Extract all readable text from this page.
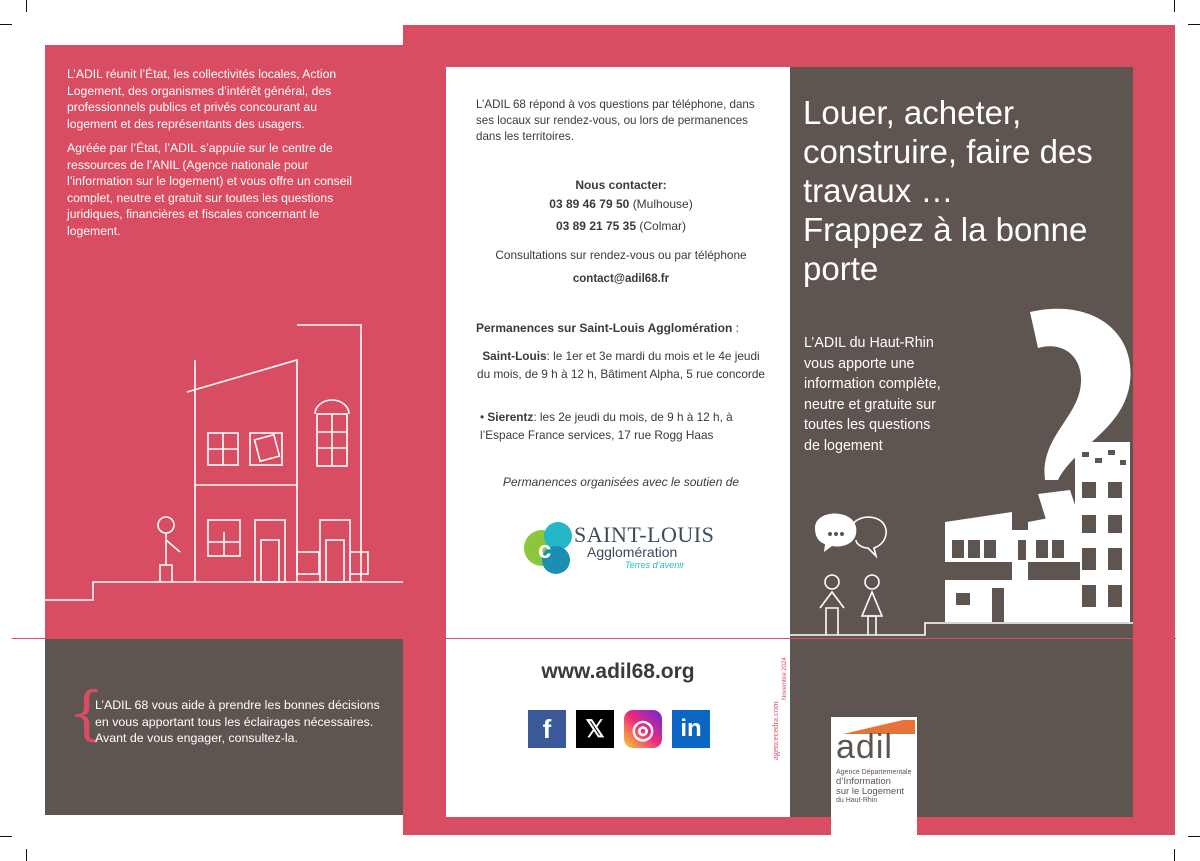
L’ADIL réunit l’État, les collectivités locales, Action Logement, des organismes d’intérêt général, des professionnels publics et privés concourant au logement et des représentants des usagers.

Agréée par l’État, l’ADIL s’appuie sur le centre de ressources de l’ANIL (Agence nationale pour l’information sur le logement) et vous offre un conseil complet, neutre et gratuit sur toutes les questions juridiques, financières et fiscales concernant le logement.

{
L’ADIL 68 vous aide à prendre les bonnes décisions
en vous apportant tous les éclairages nécessaires.
Avant de vous engager, consultez-la.
L’ADIL 68 répond à vos questions par téléphone, dans ses locaux sur rendez-vous, ou lors de permanences dans les territoires.
Nous contacter:
03 89 46 79 50 (Mulhouse)
03 89 21 75 35 (Colmar)
Consultations sur rendez-vous ou par téléphone
contact@adil68.fr
Permanences sur Saint-Louis Agglomération :
Saint-Louis: le 1er et 3e mardi du mois et le 4e jeudi du mois, de 9 h à 12 h, Bâtiment Alpha, 5 rue concorde
• Sierentz: les 2e jeudi du mois, de 9 h à 12 h, à l’Espace France services, 17 rue Rogg Haas
Permanences organisées avec le soutien de
c
SAINT-LOUIS
Agglomération
Terres d’avenir
www.adil68.org
f	𝕏	◎	in	agencecedra.com
Novembre 2024
Louer, acheter,
construire, faire des
travaux …
Frappez à la bonne
porte
L’ADIL du Haut-Rhin
vous apporte une
information complète,
neutre et gratuite sur
toutes les questions
de logement
adil
Agence Départementale
d’Information
sur le Logement
du Haut-Rhin
